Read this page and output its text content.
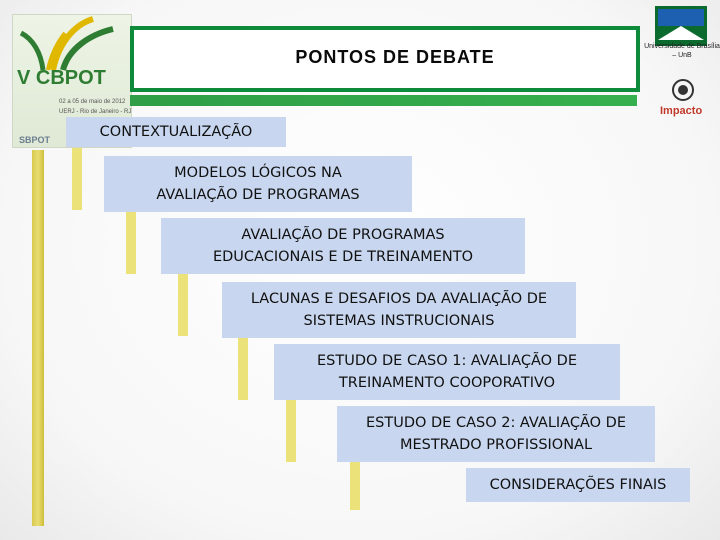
V CBPOT
02 a 05 de maio de 2012
UERJ - Rio de Janeiro - RJ
SBPOT
PONTOS DE DEBATE
Universidade de Brasília – UnB
Impacto
CONTEXTUALIZAÇÃO
MODELOS LÓGICOS NA
AVALIAÇÃO DE PROGRAMAS
AVALIAÇÃO DE PROGRAMAS
EDUCACIONAIS E DE TREINAMENTO
LACUNAS E DESAFIOS DA AVALIAÇÃO DE
SISTEMAS INSTRUCIONAIS
ESTUDO DE CASO 1: AVALIAÇÃO DE
TREINAMENTO COOPORATIVO
ESTUDO DE CASO 2: AVALIAÇÃO DE
MESTRADO PROFISSIONAL
CONSIDERAÇÕES FINAIS
